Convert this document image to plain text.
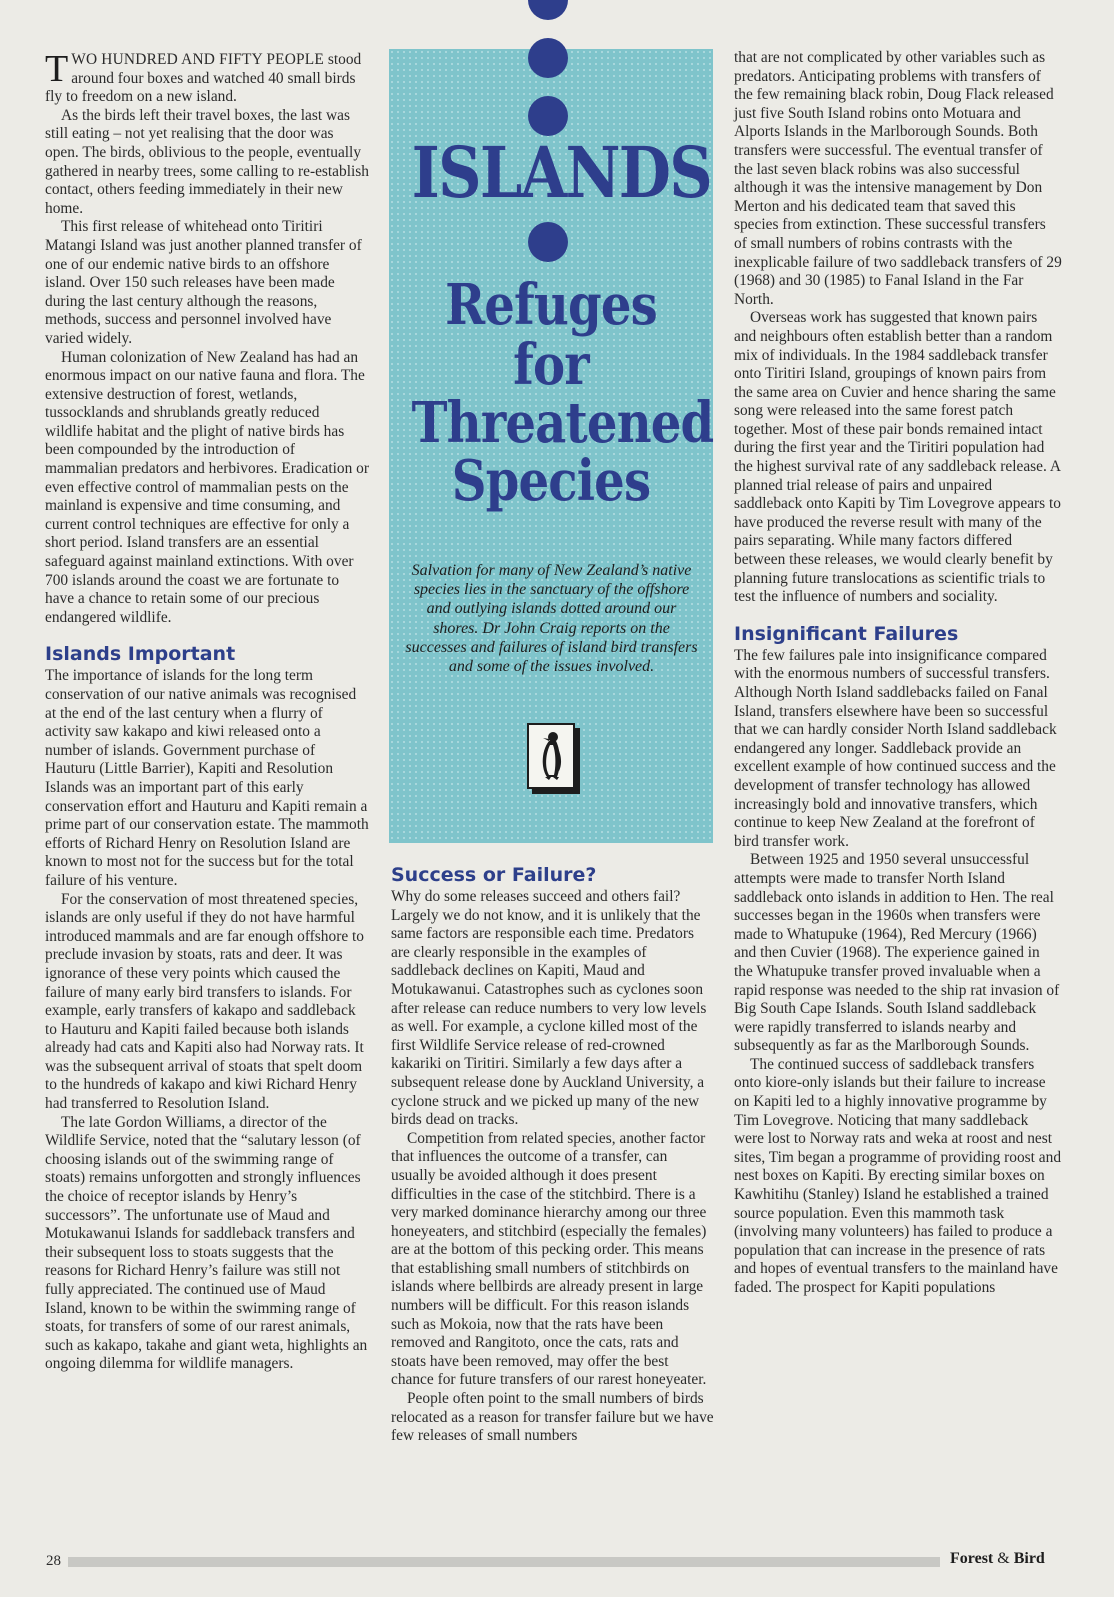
ISLANDS
Refuges
for
Threatened
Species
Salvation for many of New Zealand’s native species lies in the sanctuary of the offshore and outlying islands dotted around our shores. Dr John Craig reports on the successes and failures of island bird transfers and some of the issues involved.

TWO HUNDRED AND FIFTY PEOPLE stood around four boxes and watched 40 small birds fly to freedom on a new island.

As the birds left their travel boxes, the last was still eating – not yet realising that the door was open. The birds, oblivious to the people, eventually gathered in nearby trees, some calling to re-establish contact, others feeding immediately in their new home.

This first release of whitehead onto Tiritiri Matangi Island was just another planned transfer of one of our endemic native birds to an offshore island. Over 150 such releases have been made during the last century although the reasons, methods, success and personnel involved have varied widely.

Human colonization of New Zealand has had an enormous impact on our native fauna and flora. The extensive destruction of forest, wetlands, tussocklands and shrublands greatly reduced wildlife habitat and the plight of native birds has been compounded by the introduction of mammalian predators and herbivores. Eradication or even effective control of mammalian pests on the mainland is expensive and time consuming, and current control techniques are effective for only a short period. Island transfers are an essential safeguard against mainland extinctions. With over 700 islands around the coast we are fortunate to have a chance to retain some of our precious endangered wildlife.

Islands Important

The importance of islands for the long term conservation of our native animals was recognised at the end of the last century when a flurry of activity saw kakapo and kiwi released onto a number of islands. Government purchase of Hauturu (Little Barrier), Kapiti and Resolution Islands was an important part of this early conservation effort and Hauturu and Kapiti remain a prime part of our conservation estate. The mammoth efforts of Richard Henry on Resolution Island are known to most not for the success but for the total failure of his venture.

For the conservation of most threatened species, islands are only useful if they do not have harmful introduced mammals and are far enough offshore to preclude invasion by stoats, rats and deer. It was ignorance of these very points which caused the failure of many early bird transfers to islands. For example, early transfers of kakapo and saddleback to Hauturu and Kapiti failed because both islands already had cats and Kapiti also had Norway rats. It was the subsequent arrival of stoats that spelt doom to the hundreds of kakapo and kiwi Richard Henry had transferred to Resolution Island.

The late Gordon Williams, a director of the Wildlife Service, noted that the “salutary lesson (of choosing islands out of the swimming range of stoats) remains unforgotten and strongly influences the choice of receptor islands by Henry’s successors”. The unfortunate use of Maud and Motukawanui Islands for saddleback transfers and their subsequent loss to stoats suggests that the reasons for Richard Henry’s failure was still not fully appreciated. The continued use of Maud Island, known to be within the swimming range of stoats, for transfers of some of our rarest animals, such as kakapo, takahe and giant weta, highlights an ongoing dilemma for wildlife managers.

Success or Failure?

Why do some releases succeed and others fail? Largely we do not know, and it is unlikely that the same factors are responsible each time. Predators are clearly responsible in the examples of saddleback declines on Kapiti, Maud and Motukawanui. Catastrophes such as cyclones soon after release can reduce numbers to very low levels as well. For example, a cyclone killed most of the first Wildlife Service release of red-crowned kakariki on Tiritiri. Similarly a few days after a subsequent release done by Auckland University, a cyclone struck and we picked up many of the new birds dead on tracks.

Competition from related species, another factor that influences the outcome of a transfer, can usually be avoided although it does present difficulties in the case of the stitchbird. There is a very marked dominance hierarchy among our three honeyeaters, and stitchbird (especially the females) are at the bottom of this pecking order. This means that establishing small numbers of stitchbirds on islands where bellbirds are already present in large numbers will be difficult. For this reason islands such as Mokoia, now that the rats have been removed and Rangitoto, once the cats, rats and stoats have been removed, may offer the best chance for future transfers of our rarest honeyeater.

People often point to the small numbers of birds relocated as a reason for transfer failure but we have few releases of small numbers

that are not complicated by other variables such as predators. Anticipating problems with transfers of the few remaining black robin, Doug Flack released just five South Island robins onto Motuara and Alports Islands in the Marlborough Sounds. Both transfers were successful. The eventual transfer of the last seven black robins was also successful although it was the intensive management by Don Merton and his dedicated team that saved this species from extinction. These successful transfers of small numbers of robins contrasts with the inexplicable failure of two saddleback transfers of 29 (1968) and 30 (1985) to Fanal Island in the Far North.

Overseas work has suggested that known pairs and neighbours often establish better than a random mix of individuals. In the 1984 saddleback transfer onto Tiritiri Island, groupings of known pairs from the same area on Cuvier and hence sharing the same song were released into the same forest patch together. Most of these pair bonds remained intact during the first year and the Tiritiri population had the highest survival rate of any saddleback release. A planned trial release of pairs and unpaired saddleback onto Kapiti by Tim Lovegrove appears to have produced the reverse result with many of the pairs separating. While many factors differed between these releases, we would clearly benefit by planning future translocations as scientific trials to test the influence of numbers and sociality.

Insignificant Failures

The few failures pale into insignificance compared with the enormous numbers of successful transfers. Although North Island saddlebacks failed on Fanal Island, transfers elsewhere have been so successful that we can hardly consider North Island saddleback endangered any longer. Saddleback provide an excellent example of how continued success and the development of transfer technology has allowed increasingly bold and innovative transfers, which continue to keep New Zealand at the forefront of bird transfer work.

Between 1925 and 1950 several unsuccessful attempts were made to transfer North Island saddleback onto islands in addition to Hen. The real successes began in the 1960s when transfers were made to Whatupuke (1964), Red Mercury (1966) and then Cuvier (1968). The experience gained in the Whatupuke transfer proved invaluable when a rapid response was needed to the ship rat invasion of Big South Cape Islands. South Island saddleback were rapidly transferred to islands nearby and subsequently as far as the Marlborough Sounds.

The continued success of saddleback transfers onto kiore-only islands but their failure to increase on Kapiti led to a highly innovative programme by Tim Lovegrove. Noticing that many saddleback were lost to Norway rats and weka at roost and nest sites, Tim began a programme of providing roost and nest boxes on Kapiti. By erecting similar boxes on Kawhitihu (Stanley) Island he established a trained source population. Even this mammoth task (involving many volunteers) has failed to produce a population that can increase in the presence of rats and hopes of eventual transfers to the mainland have faded. The prospect for Kapiti populations

28	Forest & Bird
